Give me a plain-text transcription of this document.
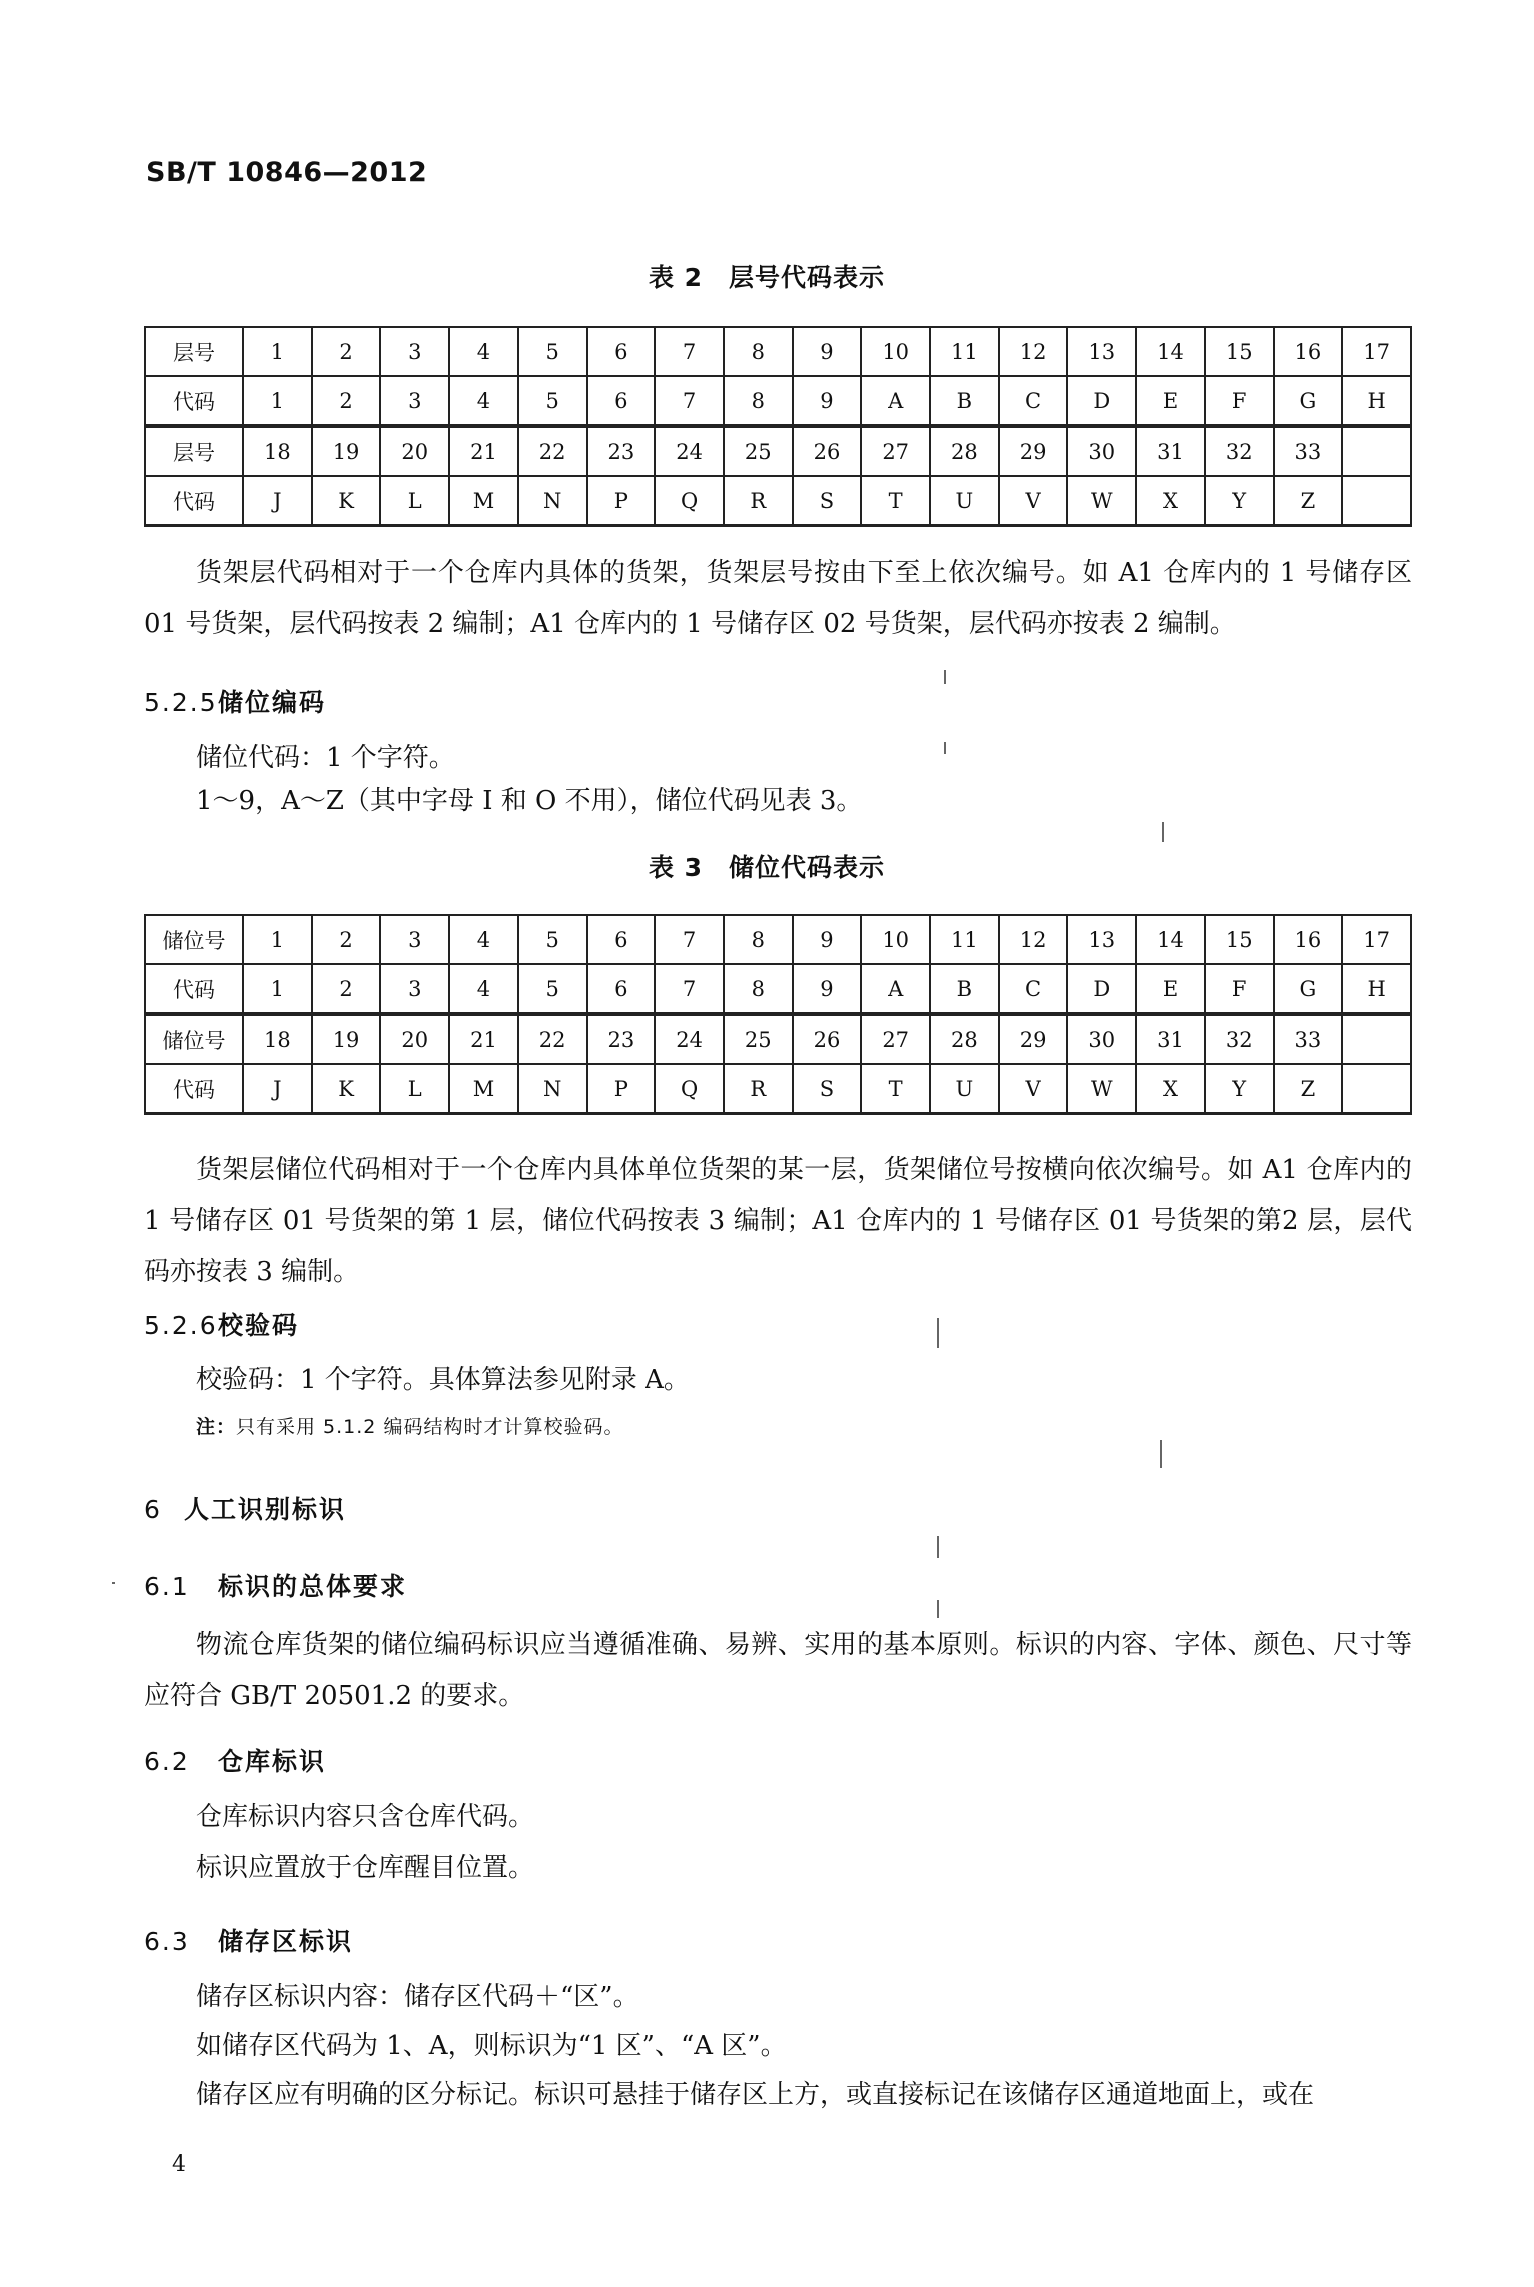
SB/T 10846—2012
表 2　层号代码表示
层号	1	2	3	4	5	6	7	8	9	10	11	12	13	14	15	16	17
代码	1	2	3	4	5	6	7	8	9	A	B	C	D	E	F	G	H
层号	18	19	20	21	22	23	24	25	26	27	28	29	30	31	32	33	
代码	J	K	L	M	N	P	Q	R	S	T	U	V	W	X	Y	Z	
货架层代码相对于一个仓库内具体的货架，货架层号按由下至上依次编号。如 A1 仓库内的 1 号储存区 01 号货架，层代码按表 2 编制；A1 仓库内的 1 号储存区 02 号货架，层代码亦按表 2 编制。
5.2.5储位编码
储位代码：1 个字符。
1～9，A～Z（其中字母 I 和 O 不用），储位代码见表 3。
表 3　储位代码表示
储位号	1	2	3	4	5	6	7	8	9	10	11	12	13	14	15	16	17
代码	1	2	3	4	5	6	7	8	9	A	B	C	D	E	F	G	H
储位号	18	19	20	21	22	23	24	25	26	27	28	29	30	31	32	33	
代码	J	K	L	M	N	P	Q	R	S	T	U	V	W	X	Y	Z	
货架层储位代码相对于一个仓库内具体单位货架的某一层，货架储位号按横向依次编号。如 A1 仓库内的 1 号储存区 01 号货架的第 1 层，储位代码按表 3 编制；A1 仓库内的 1 号储存区 01 号货架的第2 层，层代码亦按表 3 编制。
5.2.6校验码
校验码：1 个字符。具体算法参见附录 A。
注：只有采用 5.1.2 编码结构时才计算校验码。
6 人工识别标识
6.1 标识的总体要求
物流仓库货架的储位编码标识应当遵循准确、易辨、实用的基本原则。标识的内容、字体、颜色、尺寸等应符合 GB/T 20501.2 的要求。
6.2 仓库标识
仓库标识内容只含仓库代码。
标识应置放于仓库醒目位置。
6.3 储存区标识
储存区标识内容：储存区代码＋“区”。
如储存区代码为 1、A，则标识为“1 区”、“A 区”。
储存区应有明确的区分标记。标识可悬挂于储存区上方，或直接标记在该储存区通道地面上，或在
4
